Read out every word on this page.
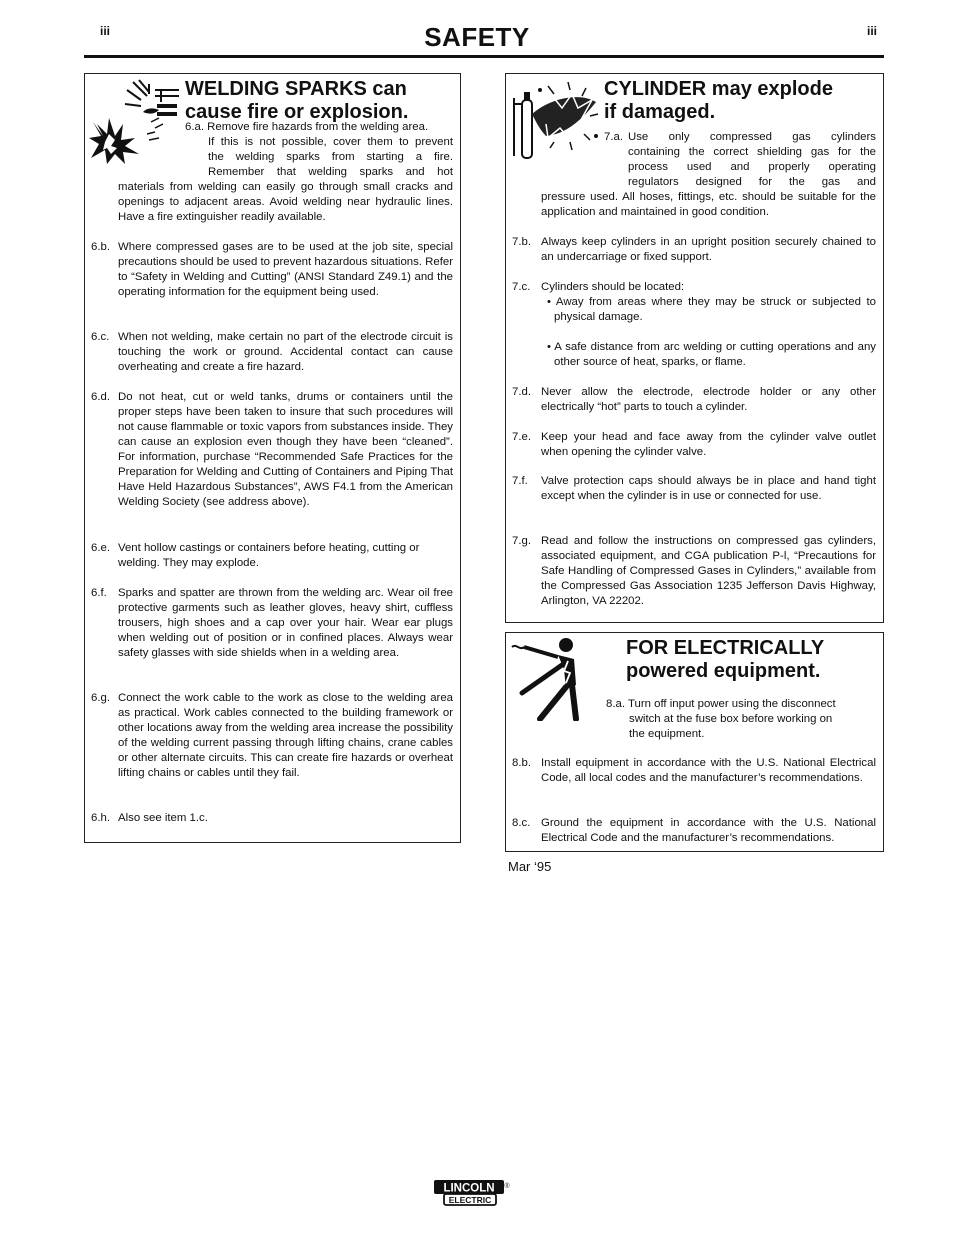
iii	SAFETY	iii
WELDING SPARKS can
cause fire or explosion.
6.a. Remove fire hazards from the welding area.
If this is not possible, cover them to prevent
the welding sparks from starting a fire.
Remember that welding sparks and hot
materials from welding can easily go through small cracks and openings to adjacent areas. Avoid welding near hydraulic lines. Have a fire extinguisher readily available.
6.b. Where compressed gases are to be used at the job site, special precautions should be used to prevent hazardous situations. Refer to “Safety in Welding and Cutting” (ANSI Standard Z49.1) and the operating information for the equipment being used.
6.c. When not welding, make certain no part of the electrode circuit is touching the work or ground. Accidental contact can cause overheating and create a fire hazard.
6.d. Do not heat, cut or weld tanks, drums or containers until the proper steps have been taken to insure that such procedures will not cause flammable or toxic vapors from substances inside. They can cause an explosion even though they have been “cleaned”. For information, purchase “Recommended Safe Practices for the Preparation for Welding and Cutting of Containers and Piping That Have Held Hazardous Substances”, AWS F4.1 from the American Welding Society (see address above).
6.e. Vent hollow castings or containers before heating, cutting or welding. They may explode.
6.f. Sparks and spatter are thrown from the welding arc. Wear oil free protective garments such as leather gloves, heavy shirt, cuffless trousers, high shoes and a cap over your hair. Wear ear plugs when welding out of position or in confined places. Always wear safety glasses with side shields when in a welding area.
6.g. Connect the work cable to the work as close to the welding area as practical. Work cables connected to the building framework or other locations away from the welding area increase the possibility of the welding current passing through lifting chains, crane cables or other alternate circuits. This can create fire hazards or overheat lifting chains or cables until they fail.
6.h. Also see item 1.c.
CYLINDER may explode
if damaged.
7.a. Use only compressed gas cylinders
containing the correct shielding gas for the
process used and properly operating
regulators designed for the gas and
pressure used. All hoses, fittings, etc. should be suitable for the application and maintained in good condition.
7.b. Always keep cylinders in an upright position securely chained to an undercarriage or fixed support.
7.c. Cylinders should be located:
• Away from areas where they may be struck or subjected to physical damage.
• A safe distance from arc welding or cutting operations and any other source of heat, sparks, or flame.
7.d. Never allow the electrode, electrode holder or any other electrically “hot” parts to touch a cylinder.
7.e. Keep your head and face away from the cylinder valve outlet when opening the cylinder valve.
7.f. Valve protection caps should always be in place and hand tight except when the cylinder is in use or connected for use.
7.g. Read and follow the instructions on compressed gas cylinders, associated equipment, and CGA publication P-l, “Precautions for Safe Handling of Compressed Gases in Cylinders,” available from the Compressed Gas Association 1235 Jefferson Davis Highway, Arlington, VA 22202.
FOR ELECTRICALLY
powered equipment.
8.a. Turn off input power using the disconnect
switch at the fuse box before working on
the equipment.
8.b. Install equipment in accordance with the U.S. National Electrical Code, all local codes and the manufacturer’s recommendations.
8.c. Ground the equipment in accordance with the U.S. National Electrical Code and the manufacturer’s recommendations.
Mar ‘95
LINCOLN
ELECTRIC
®
